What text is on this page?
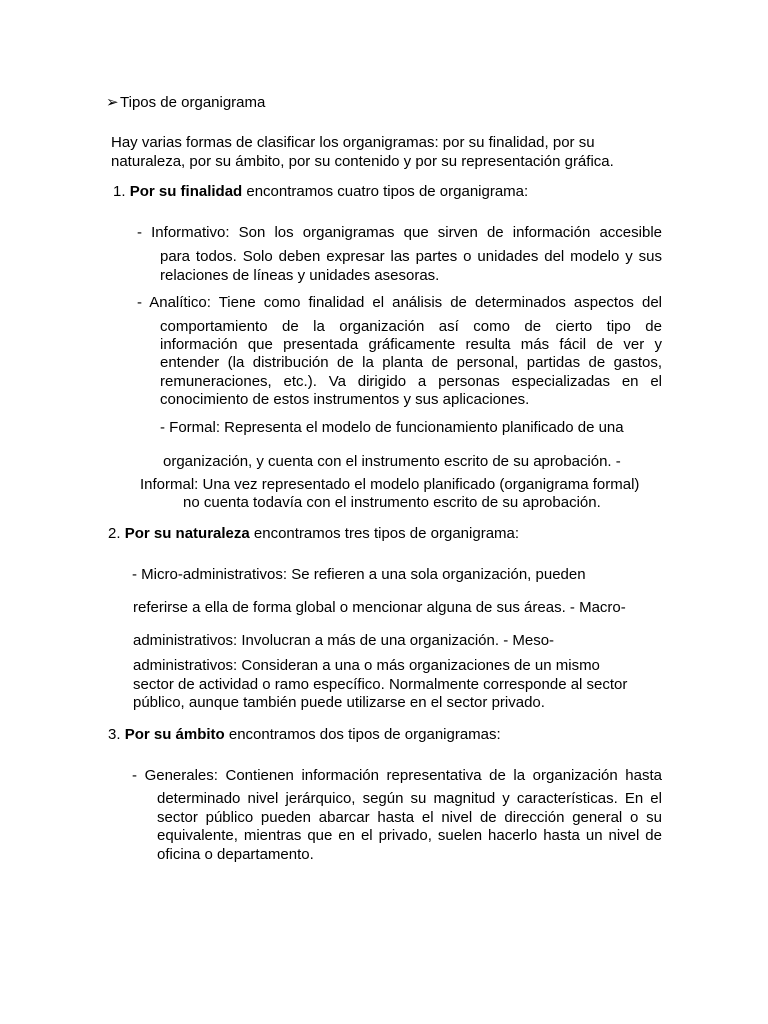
➢Tipos de organigrama

Hay varias formas de clasificar los organigramas: por su finalidad, por su

naturaleza, por su ámbito, por su contenido y por su representación gráfica.

1. Por su finalidad encontramos cuatro tipos de organigrama:

- Informativo: Son los organigramas que sirven de información accesible

para todos. Solo deben expresar las partes o unidades del modelo y sus

relaciones de líneas y unidades asesoras.

- Analítico: Tiene como finalidad el análisis de determinados aspectos del

comportamiento de la organización así como de cierto tipo de

información que presentada gráficamente resulta más fácil de ver y

entender (la distribución de la planta de personal, partidas de gastos,

remuneraciones, etc.). Va dirigido a personas especializadas en el

conocimiento de estos instrumentos y sus aplicaciones.

- Formal: Representa el modelo de funcionamiento planificado de una

organización, y cuenta con el instrumento escrito de su aprobación. -

Informal: Una vez representado el modelo planificado (organigrama formal)

no cuenta todavía con el instrumento escrito de su aprobación.

2. Por su naturaleza encontramos tres tipos de organigrama:

- Micro-administrativos: Se refieren a una sola organización, pueden

referirse a ella de forma global o mencionar alguna de sus áreas. - Macro-

administrativos: Involucran a más de una organización. - Meso-

administrativos: Consideran a una o más organizaciones de un mismo

sector de actividad o ramo específico. Normalmente corresponde al sector

público, aunque también puede utilizarse en el sector privado.

3. Por su ámbito encontramos dos tipos de organigramas:

- Generales: Contienen información representativa de la organización hasta

determinado nivel jerárquico, según su magnitud y características. En el

sector público pueden abarcar hasta el nivel de dirección general o su

equivalente, mientras que en el privado, suelen hacerlo hasta un nivel de

oficina o departamento.
